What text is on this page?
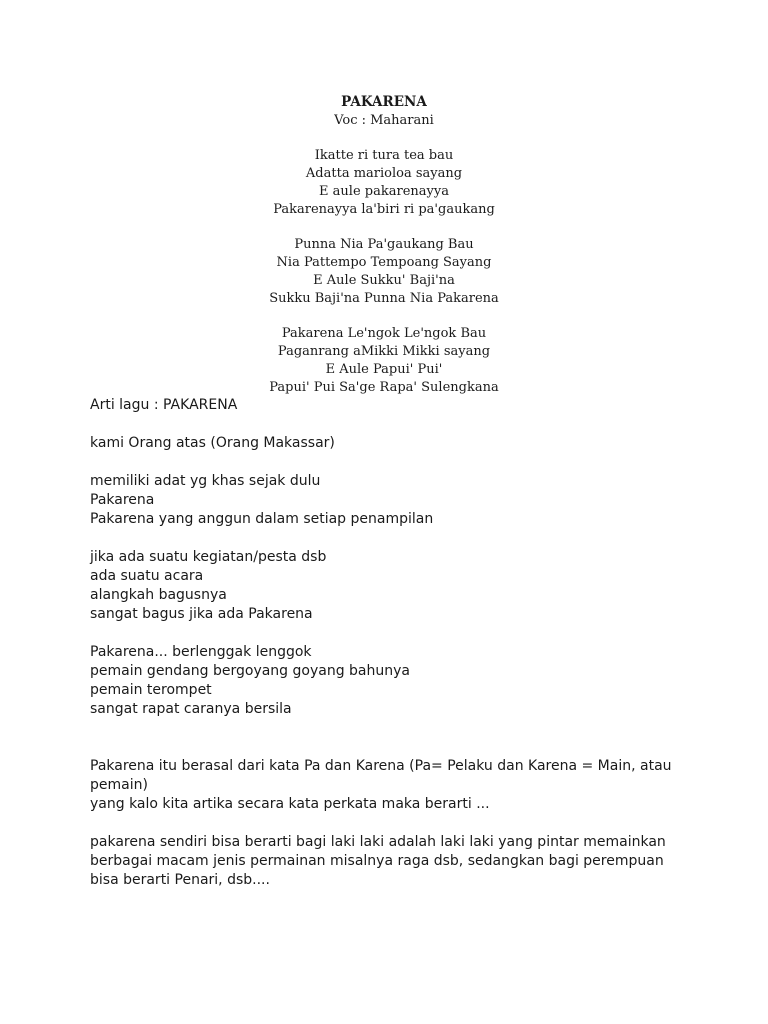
PAKARENA
Voc : Maharani
Ikatte ri tura tea bau
Adatta marioloa sayang
E aule pakarenayya
Pakarenayya la'biri ri pa'gaukang
Punna Nia Pa'gaukang Bau
Nia Pattempo Tempoang Sayang
E Aule Sukku' Baji'na
Sukku Baji'na Punna Nia Pakarena
Pakarena Le'ngok Le'ngok Bau
Paganrang aMikki Mikki sayang
E Aule Papui' Pui'
Papui' Pui Sa'ge Rapa' Sulengkana
Arti lagu : PAKARENA
kami Orang atas (Orang Makassar)
memiliki adat yg khas sejak dulu
Pakarena
Pakarena yang anggun dalam setiap penampilan
jika ada suatu kegiatan/pesta dsb
ada suatu acara
alangkah bagusnya
sangat bagus jika ada Pakarena
Pakarena... berlenggak lenggok
pemain gendang bergoyang goyang bahunya
pemain terompet
sangat rapat caranya bersila
Pakarena itu berasal dari kata Pa dan Karena (Pa= Pelaku dan Karena = Main, atau
pemain)
yang kalo kita artika secara kata perkata maka berarti ...
pakarena sendiri bisa berarti bagi laki laki adalah laki laki yang pintar memainkan
berbagai macam jenis permainan misalnya raga dsb, sedangkan bagi perempuan
bisa berarti Penari, dsb....
